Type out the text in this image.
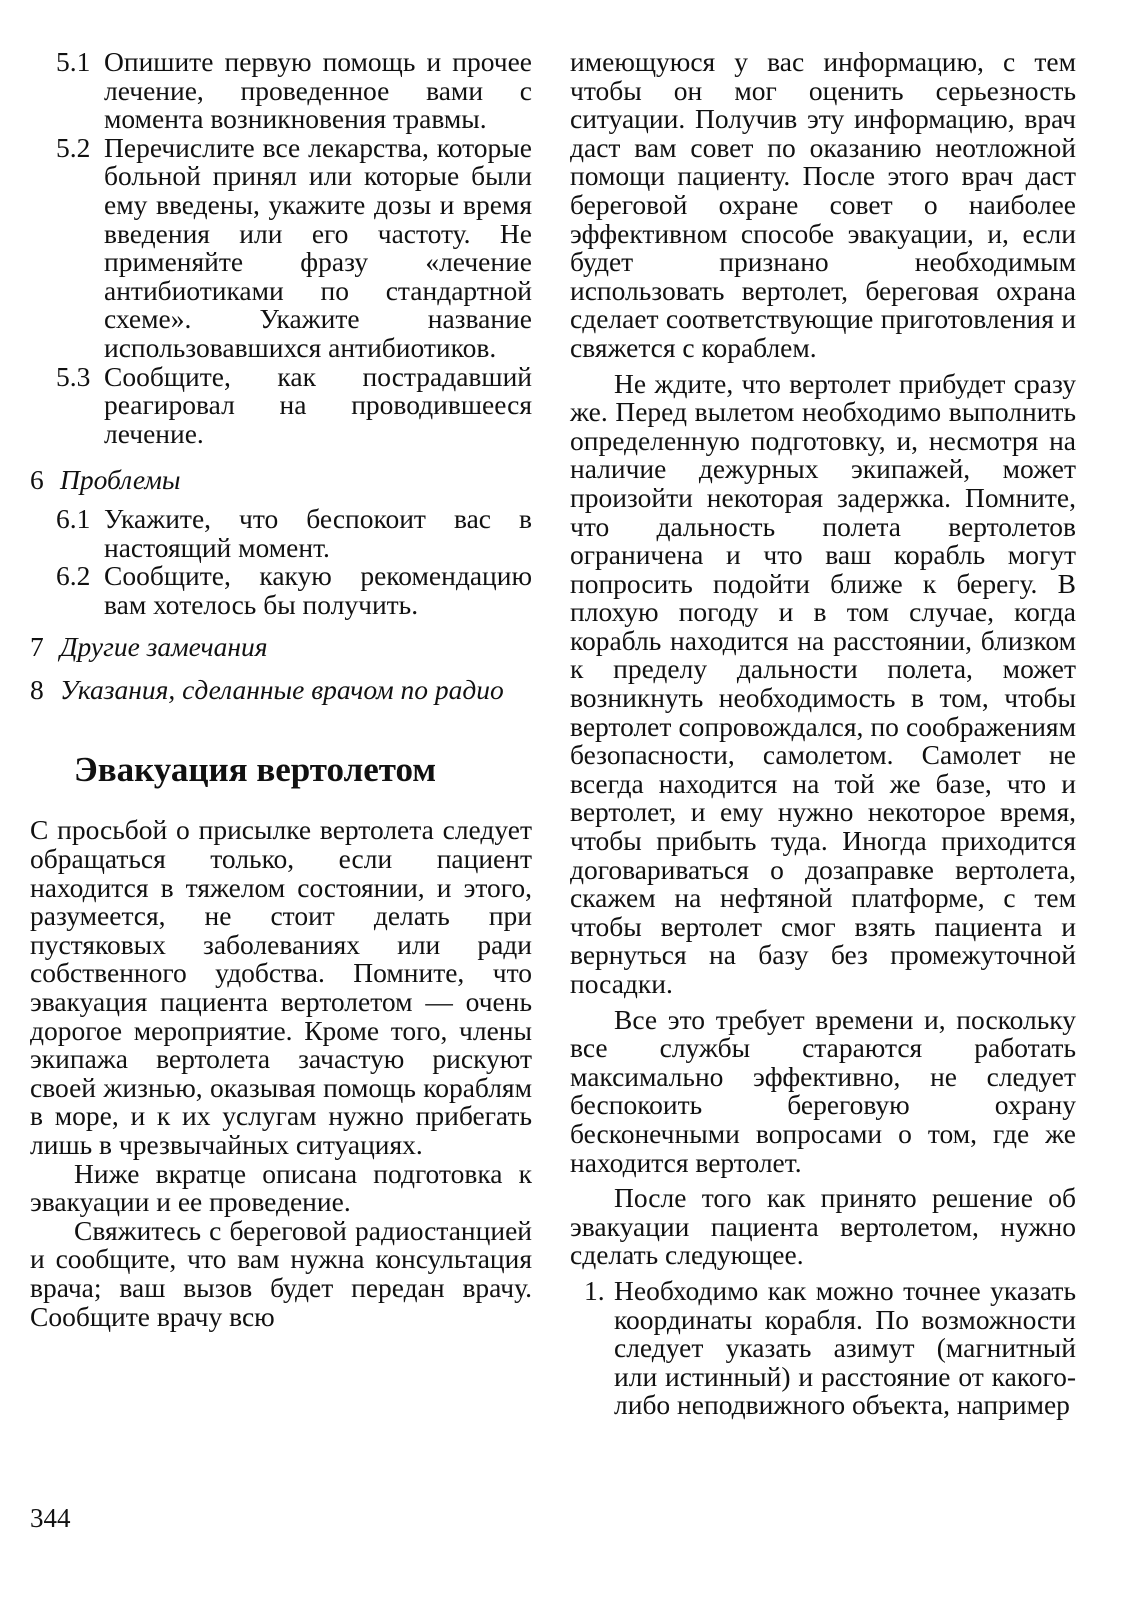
5.1 Опишите первую помощь и прочее лечение, проведенное вами с момента возникновения травмы.
5.2 Перечислите все лекарства, которые больной принял или которые были ему введены, укажите дозы и время введения или его частоту. Не применяйте фразу «лечение антибиотиками по стандартной схеме». Укажите название использовавшихся антибиотиков.
5.3 Сообщите, как пострадавший реагировал на проводившееся лечение.
6 Проблемы
6.1 Укажите, что беспокоит вас в настоящий момент.
6.2 Сообщите, какую рекомендацию вам хотелось бы получить.
7 Другие замечания
8 Указания, сделанные врачом по радио
Эвакуация вертолетом

С просьбой о присылке вертолета следует обращаться только, если пациент находится в тяжелом состоянии, и этого, разумеется, не стоит делать при пустяковых заболеваниях или ради собственного удобства. Помните, что эвакуация пациента вертолетом — очень дорогое мероприятие. Кроме того, члены экипажа вертолета зачастую рискуют своей жизнью, оказывая помощь кораблям в море, и к их услугам нужно прибегать лишь в чрезвычайных ситуациях.

Ниже вкратце описана подготовка к эвакуации и ее проведение.

Свяжитесь с береговой радиостанцией и сообщите, что вам нужна консультация врача; ваш вызов будет передан врачу. Сообщите врачу всю

имеющуюся у вас информацию, с тем чтобы он мог оценить серьезность ситуации. Получив эту информацию, врач даст вам совет по оказанию неотложной помощи пациенту. После этого врач даст береговой охране совет о наиболее эффективном способе эвакуации, и, если будет признано необходимым использовать вертолет, береговая охрана сделает соответствующие приготовления и свяжется с кораблем.

Не ждите, что вертолет прибудет сразу же. Перед вылетом необходимо выполнить определенную подготовку, и, несмотря на наличие дежурных экипажей, может произойти некоторая задержка. Помните, что дальность полета вертолетов ограничена и что ваш корабль могут попросить подойти ближе к берегу. В плохую погоду и в том случае, когда корабль находится на расстоянии, близком к пределу дальности полета, может возникнуть необходимость в том, чтобы вертолет сопровождался, по соображениям безопасности, самолетом. Самолет не всегда находится на той же базе, что и вертолет, и ему нужно некоторое время, чтобы прибыть туда. Иногда приходится договариваться о дозаправке вертолета, скажем на нефтяной платформе, с тем чтобы вертолет смог взять пациента и вернуться на базу без промежуточной посадки.

Все это требует времени и, поскольку все службы стараются работать максимально эффективно, не следует беспокоить береговую охрану бесконечными вопросами о том, где же находится вертолет.

После того как принято решение об эвакуации пациента вертолетом, нужно сделать следующее.

1. Необходимо как можно точнее указать координаты корабля. По возможности следует указать азимут (магнитный или истинный) и расстояние от какого-либо неподвижного объекта, например
344
